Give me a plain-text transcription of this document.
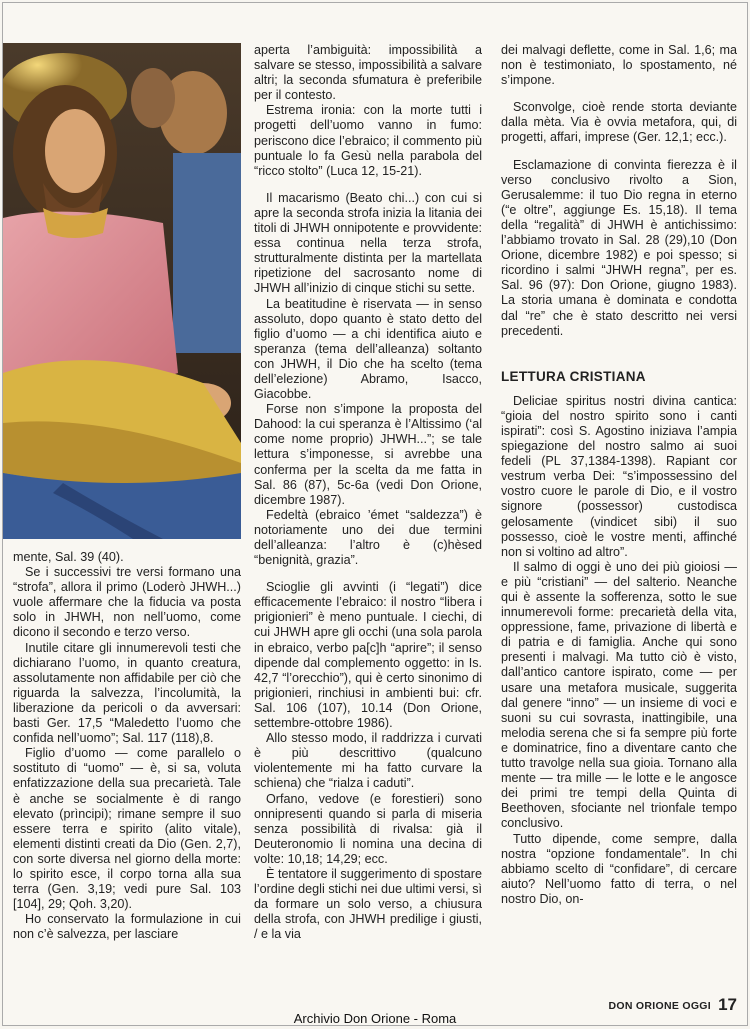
mente, Sal. 39 (40).

Se i successivi tre versi formano una “strofa”, allora il primo (Loderò JHWH...) vuole affermare che la fiducia va posta solo in JHWH, non nell’uomo, come dicono il secondo e terzo verso.

Inutile citare gli innumerevoli testi che dichiarano l’uomo, in quanto creatura, assolutamente non affidabile per ciò che riguarda la salvezza, l’incolumità, la liberazione da pericoli o da avversari: basti Ger. 17,5 “Maledetto l’uomo che confida nell’uomo”; Sal. 117 (118),8.

Figlio d’uomo — come parallelo o sostituto di “uomo” — è, si sa, voluta enfatizzazione della sua precarietà. Tale è anche se socialmente è di rango elevato (prìncipi); rimane sempre il suo essere terra e spirito (alito vitale), elementi distinti creati da Dio (Gen. 2,7), con sorte diversa nel giorno della morte: lo spirito esce, il corpo torna alla sua terra (Gen. 3,19; vedi pure Sal. 103 [104], 29; Qoh. 3,20).

Ho conservato la formulazione in cui non c’è salvezza, per lasciare

aperta l’ambiguità: impossibilità a salvare se stesso, impossibilità a salvare altri; la seconda sfumatura è preferibile per il contesto.

Estrema ironia: con la morte tutti i progetti dell’uomo vanno in fumo: periscono dice l’ebraico; il commento più puntuale lo fa Gesù nella parabola del “ricco stolto” (Luca 12, 15-21).

Il macarismo (Beato chi...) con cui si apre la seconda strofa inizia la litania dei titoli di JHWH onnipotente e provvidente: essa continua nella terza strofa, strutturalmente distinta per la martellata ripetizione del sacrosanto nome di JHWH all’inizio di cinque stichi su sette.

La beatitudine è riservata — in senso assoluto, dopo quanto è stato detto del figlio d’uomo — a chi identifica aiuto e speranza (tema dell’alleanza) soltanto con JHWH, il Dio che ha scelto (tema dell’elezione) Abramo, Isacco, Giacobbe.

Forse non s’impone la proposta del Dahood: la cui speranza è l’Altissimo (‘al come nome proprio) JHWH...”; se tale lettura s’imponesse, si avrebbe una conferma per la scelta da me fatta in Sal. 86 (87), 5c-6a (vedi Don Orione, dicembre 1987).

Fedeltà (ebraico ’émet “saldezza”) è notoriamente uno dei due termini dell’alleanza: l’altro è (c)hèsed “benignità, grazia”.

Scioglie gli avvinti (i “legati”) dice efficacemente l’ebraico: il nostro “libera i prigionieri” è meno puntuale. I ciechi, di cui JHWH apre gli occhi (una sola parola in ebraico, verbo pa[c]h “aprire”; il senso dipende dal complemento oggetto: in Is. 42,7 “l’orecchio”), qui è certo sinonimo di prigionieri, rinchiusi in ambienti bui: cfr. Sal. 106 (107), 10.14 (Don Orione, settembre-ottobre 1986).

Allo stesso modo, il raddrizza i curvati è più descrittivo (qualcuno violentemente mi ha fatto curvare la schiena) che “rialza i caduti”.

Orfano, vedove (e forestieri) sono onnipresenti quando si parla di miseria senza possibilità di rivalsa: già il Deuteronomio li nomina una decina di volte: 10,18; 14,29; ecc.

È tentatore il suggerimento di spostare l’ordine degli stichi nei due ultimi versi, sì da formare un solo verso, a chiusura della strofa, con JHWH predilige i giusti, / e la via

dei malvagi deflette, come in Sal. 1,6; ma non è testimoniato, lo spostamento, né s’impone.

Sconvolge, cioè rende storta deviante dalla mèta. Via è ovvia metafora, qui, di progetti, affari, imprese (Ger. 12,1; ecc.).

Esclamazione di convinta fierezza è il verso conclusivo rivolto a Sion, Gerusalemme: il tuo Dio regna in eterno (“e oltre”, aggiunge Es. 15,18). Il tema della “regalità” di JHWH è antichissimo: l’abbiamo trovato in Sal. 28 (29),10 (Don Orione, dicembre 1982) e poi spesso; si ricordino i salmi “JHWH regna”, per es. Sal. 96 (97): Don Orione, giugno 1983). La storia umana è dominata e condotta dal “re” che è stato descritto nei versi precedenti.

LETTURA CRISTIANA

Deliciae spiritus nostri divina cantica: “gioia del nostro spirito sono i canti ispirati”: così S. Agostino iniziava l’ampia spiegazione del nostro salmo ai suoi fedeli (PL 37,1384-1398). Rapiant cor vestrum verba Dei: “s’impossessino del vostro cuore le parole di Dio, e il vostro signore (possessor) custodisca gelosamente (vindicet sibi) il suo possesso, cioè le vostre menti, affinché non si voltino ad altro”.

Il salmo di oggi è uno dei più gioiosi — e più “cristiani” — del salterio. Neanche qui è assente la sofferenza, sotto le sue innumerevoli forme: precarietà della vita, oppressione, fame, privazione di libertà e di patria e di famiglia. Anche qui sono presenti i malvagi. Ma tutto ciò è visto, dall’antico cantore ispirato, come — per usare una metafora musicale, suggerita dal genere “inno” — un insieme di voci e suoni su cui sovrasta, inattingibile, una melodia serena che si fa sempre più forte e dominatrice, fino a diventare canto che tutto travolge nella sua gioia. Tornano alla mente — tra mille — le lotte e le angosce dei primi tre tempi della Quinta di Beethoven, sfociante nel trionfale tempo conclusivo.

Tutto dipende, come sempre, dalla nostra “opzione fondamentale”. In chi abbiamo scelto di “confidare”, di cercare aiuto? Nell’uomo fatto di terra, o nel nostro Dio, on-

DON ORIONE OGGI 17
Archivio Don Orione - Roma
